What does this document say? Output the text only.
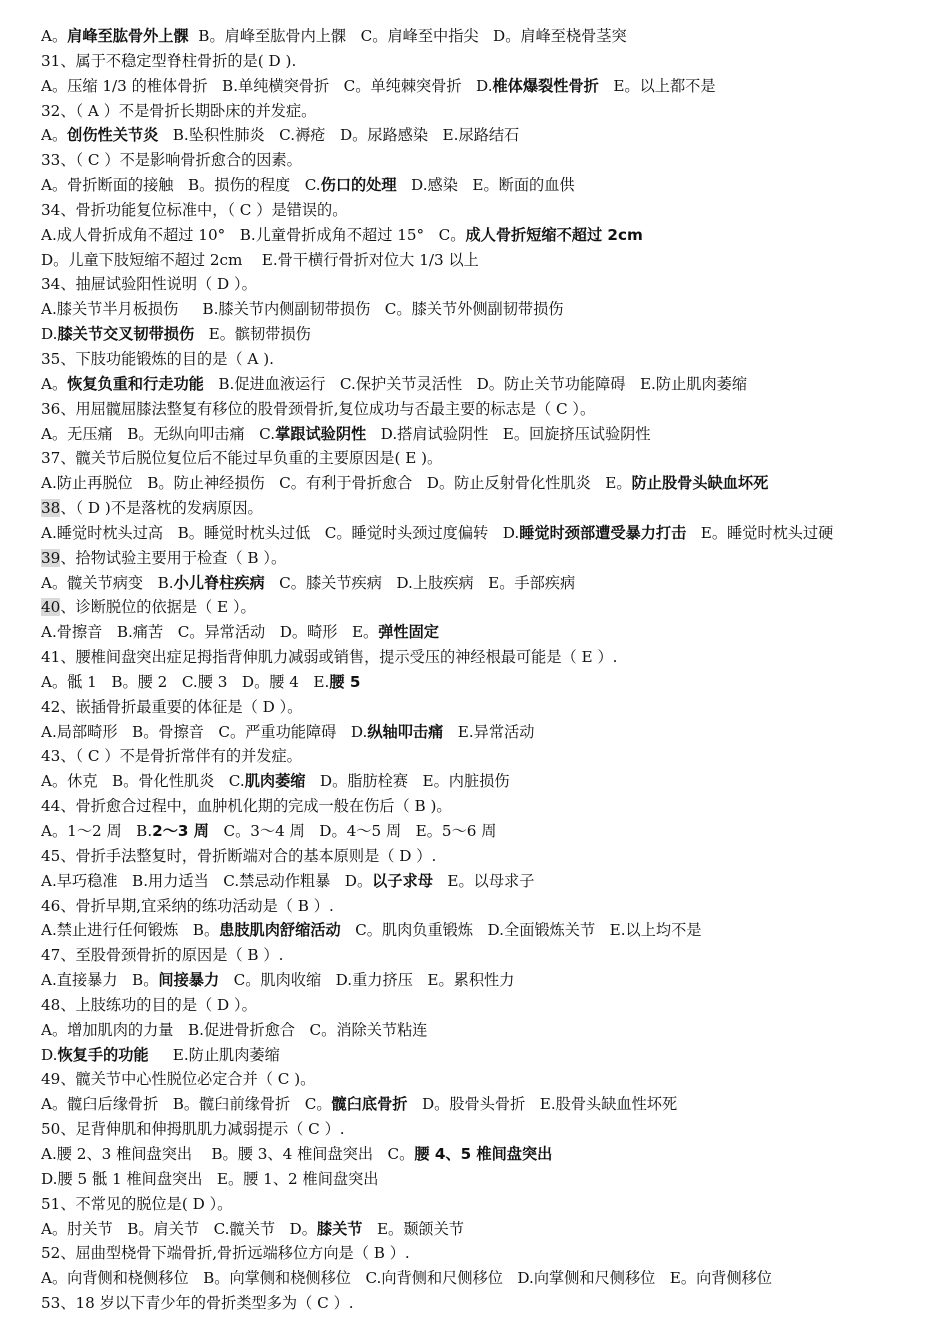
A。肩峰至肱骨外上髁  B。肩峰至肱骨内上髁   C。肩峰至中指尖   D。肩峰至桡骨茎突
31、属于不稳定型脊柱骨折的是( D ).
A。压缩 1/3 的椎体骨折   B.单纯横突骨折   C。单纯棘突骨折   D.椎体爆裂性骨折   E。以上都不是
32、（ A ）不是骨折长期卧床的并发症。
A。创伤性关节炎   B.坠积性肺炎   C.褥疮   D。尿路感染   E.尿路结石
33、（ C ）不是影响骨折愈合的因素。
A。骨折断面的接触   B。损伤的程度   C.伤口的处理   D.感染   E。断面的血供
34、骨折功能复位标准中，（ C ）是错误的。
A.成人骨折成角不超过 10°   B.儿童骨折成角不超过 15°   C。成人骨折短缩不超过 2cm
D。儿童下肢短缩不超过 2cm    E.骨干横行骨折对位大 1/3 以上
34、抽屉试验阳性说明（ D ）。
A.膝关节半月板损伤     B.膝关节内侧副韧带损伤   C。膝关节外侧副韧带损伤
D.膝关节交叉韧带损伤   E。髌韧带损伤
35、下肢功能锻炼的目的是（ A ).
A。恢复负重和行走功能   B.促进血液运行   C.保护关节灵活性   D。防止关节功能障碍   E.防止肌肉萎缩
36、用屈髋屈膝法整复有移位的股骨颈骨折,复位成功与否最主要的标志是（ C ）。
A。无压痛   B。无纵向叩击痛   C.掌跟试验阴性   D.搭肩试验阴性   E。回旋挤压试验阴性
37、髋关节后脱位复位后不能过早负重的主要原因是( E )。
A.防止再脱位   B。防止神经损伤   C。有利于骨折愈合   D。防止反射骨化性肌炎   E。防止股骨头缺血坏死
38、（ D )不是落枕的发病原因。
A.睡觉时枕头过高   B。睡觉时枕头过低   C。睡觉时头颈过度偏转   D.睡觉时颈部遭受暴力打击   E。睡觉时枕头过硬
39、拾物试验主要用于检查（ B ）。
A。髋关节病变   B.小儿脊柱疾病   C。膝关节疾病   D.上肢疾病   E。手部疾病
40、诊断脱位的依据是（ E ）。
A.骨擦音   B.痛苦   C。异常活动   D。畸形   E。弹性固定
41、腰椎间盘突出症足拇指背伸肌力减弱或销售，提示受压的神经根最可能是（ E ）.
A。骶 1   B。腰 2   C.腰 3   D。腰 4   E.腰 5
42、嵌插骨折最重要的体征是（ D ）。
A.局部畸形   B。骨擦音   C。严重功能障碍   D.纵轴叩击痛   E.异常活动
43、（ C ）不是骨折常伴有的并发症。
A。休克   B。骨化性肌炎   C.肌肉萎缩   D。脂肪栓赛   E。内脏损伤
44、骨折愈合过程中，血肿机化期的完成一般在伤后（ B )。
A。1～2 周   B.2～3 周   C。3～4 周   D。4～5 周   E。5～6 周
45、骨折手法整复时，骨折断端对合的基本原则是（ D ）.
A.早巧稳准   B.用力适当   C.禁忌动作粗暴   D。以子求母   E。以母求子
46、骨折早期,宜采纳的练功活动是（ B ）.
A.禁止进行任何锻炼   B。患肢肌肉舒缩活动   C。肌肉负重锻炼   D.全面锻炼关节   E.以上均不是
47、至股骨颈骨折的原因是（ B ）.
A.直接暴力   B。间接暴力   C。肌肉收缩   D.重力挤压   E。累积性力
48、上肢练功的目的是（ D ）。
A。增加肌肉的力量   B.促进骨折愈合   C。消除关节粘连
D.恢复手的功能     E.防止肌肉萎缩
49、髋关节中心性脱位必定合并（ C )。
A。髋臼后缘骨折   B。髋臼前缘骨折   C。髋臼底骨折   D。股骨头骨折   E.股骨头缺血性坏死
50、足背伸肌和伸拇肌肌力减弱提示（ C ）.
A.腰 2、3 椎间盘突出    B。腰 3、4 椎间盘突出   C。腰 4、5 椎间盘突出
D.腰 5 骶 1 椎间盘突出   E。腰 1、2 椎间盘突出
51、不常见的脱位是( D ）。
A。肘关节   B。肩关节   C.髋关节   D。膝关节   E。颞颌关节
52、屈曲型桡骨下端骨折,骨折远端移位方向是（ B ）.
A。向背侧和桡侧移位   B。向掌侧和桡侧移位   C.向背侧和尺侧移位   D.向掌侧和尺侧移位   E。向背侧移位
53、18 岁以下青少年的骨折类型多为（ C ）.
